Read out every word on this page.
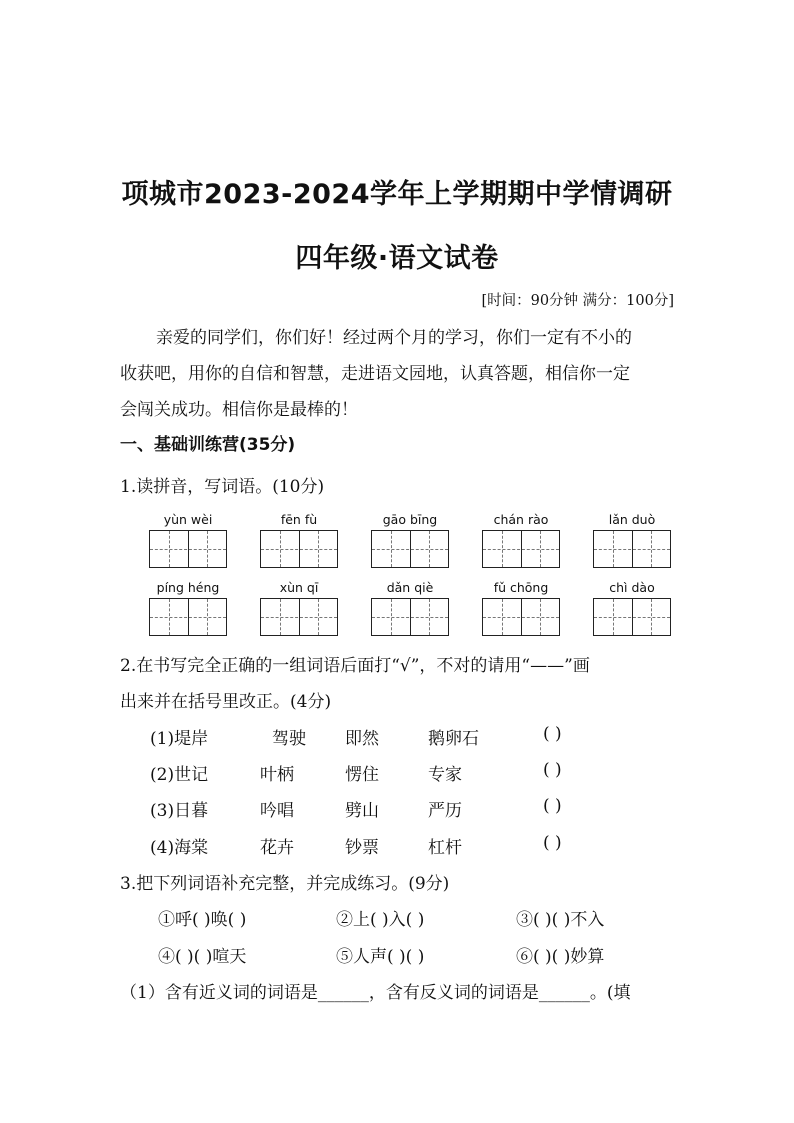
项城市2023-2024学年上学期期中学情调研
四年级·语文试卷
[时间：90分钟 满分：100分]
亲爱的同学们，你们好！经过两个月的学习，你们一定有不小的
收获吧，用你的自信和智慧，走进语文园地，认真答题，相信你一定
会闯关成功。相信你是最棒的！
一、基础训练营(35分)
1.读拼音，写词语。(10分)
yùn wèi	fēn fù	gāo bīng	chán rào	lǎn duò
píng héng	xùn qī	dǎn qiè	fǔ chōng	chì dào
2.在书写完全正确的一组词语后面打“√”，不对的请用“——”画
出来并在括号里改正。(4分)
(1)堤岸	驾驶 即然	鹅卵石	( )
(2)世记	叶柄	愣住	专家	( )
(3)日暮	吟唱	劈山	严历	( )
(4)海棠	花卉	钞票	杠杆	( )
3.把下列词语补充完整，并完成练习。(9分)
①呼( )唤( )	②上( )入( )	③( )( )不入
④( )( )喧天	⑤人声( )( )	⑥( )( )妙算
（1）含有近义词的词语是______，含有反义词的词语是______。(填
